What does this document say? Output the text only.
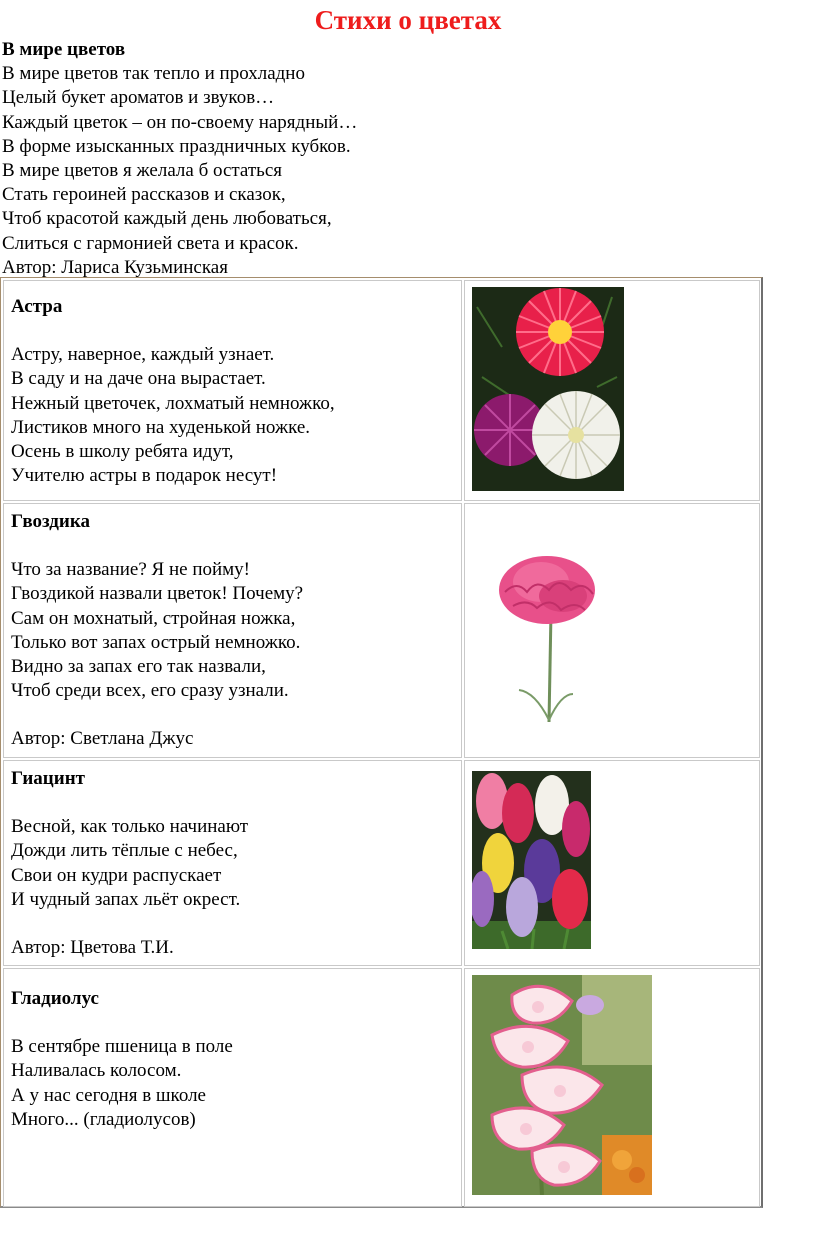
Стихи о цветах
В мире цветов
В мире цветов так тепло и прохладно
Целый букет ароматов и звуков…
Каждый цветок – он по-своему нарядный…
В форме изысканных праздничных кубков.
В мире цветов я желала б остаться
Стать героиней рассказов и сказок,
Чтоб красотой каждый день любоваться,
Слиться с гармонией света и красок.
Автор: Лариса Кузьминская
Астра
Астру, наверное, каждый узнает.
В саду и на даче она вырастает.
Нежный цветочек, лохматый немножко,
Листиков много на худенькой ножке.
Осень в школу ребята идут,
Учителю астры в подарок несут!
Гвоздика
Что за название? Я не пойму!
Гвоздикой назвали цветок! Почему?
Сам он мохнатый, стройная ножка,
Только вот запах острый немножко.
Видно за запах его так назвали,
Чтоб среди всех, его сразу узнали.
Автор: Светлана Джус
Гиацинт
Весной, как только начинают
Дожди лить тёплые с небес,
Свои он кудри распускает
И чудный запах льёт окрест.
Автор: Цветова Т.И.
Гладиолус
В сентябре пшеница в поле
Наливалась колосом.
А у нас сегодня в школе
Много... (гладиолусов)
